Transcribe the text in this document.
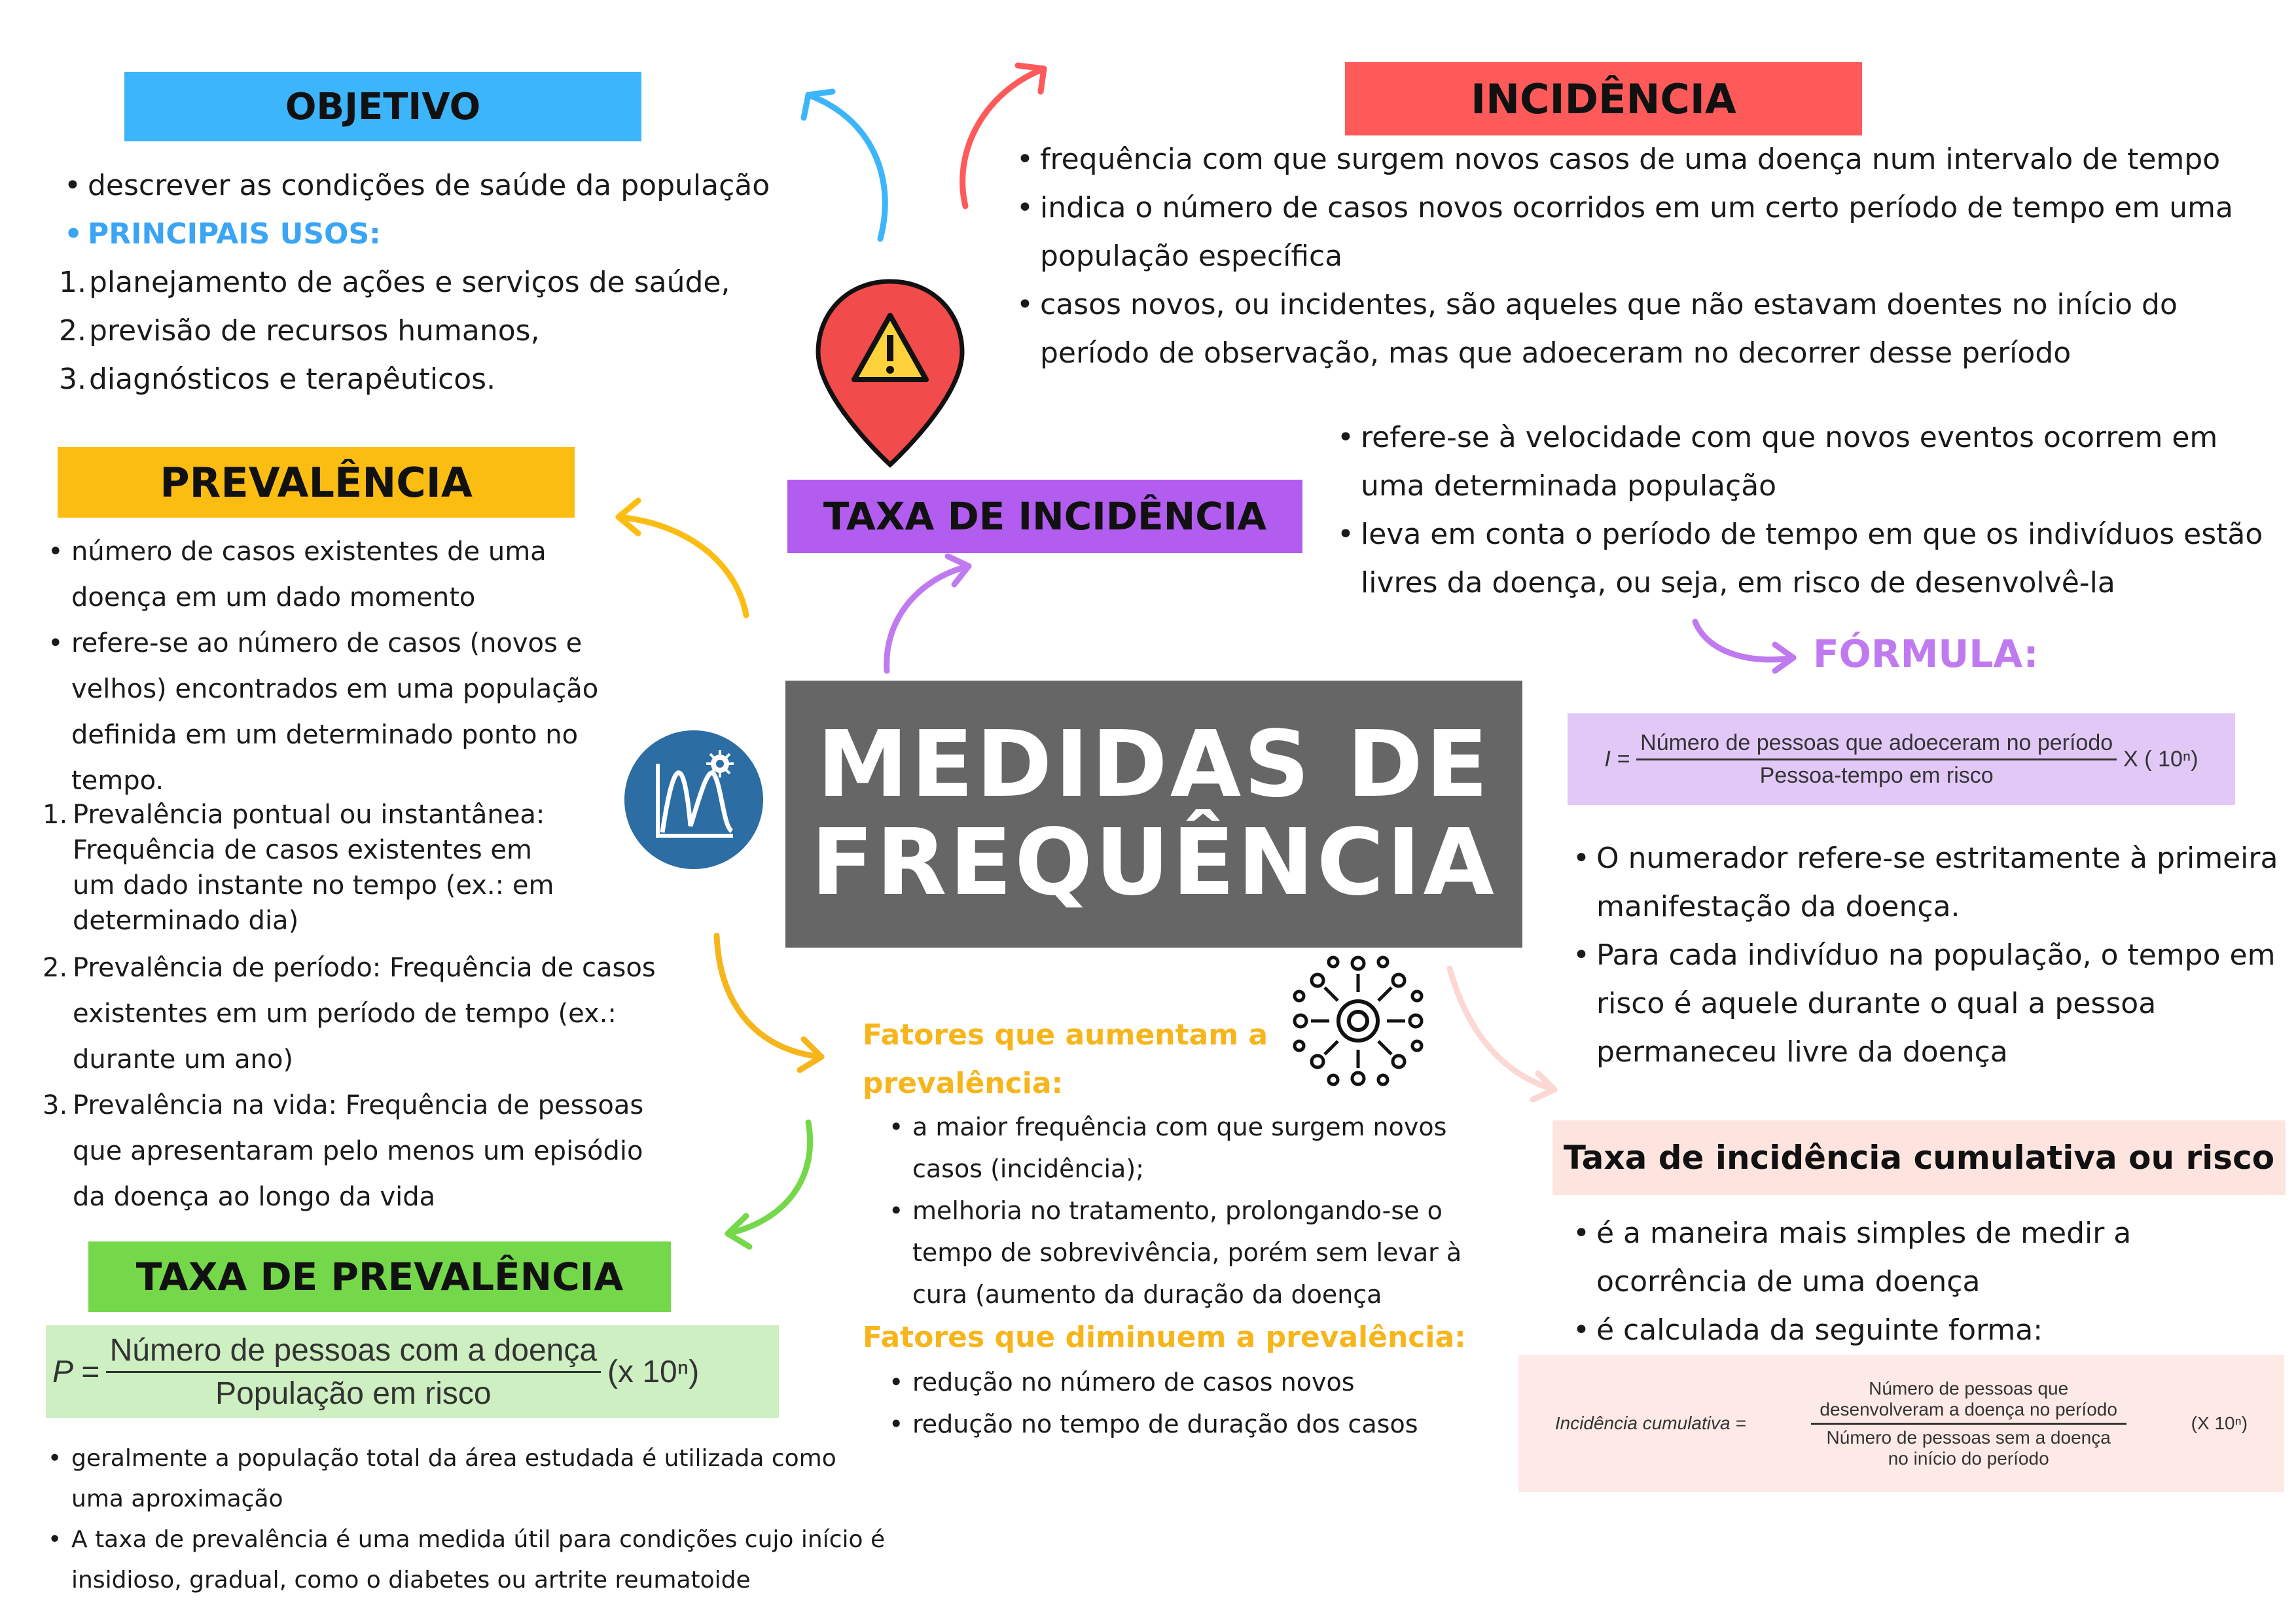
MEDIDAS DE
FREQUÊNCIA
OBJETIVO
• descrever as condições de saúde da população
• PRINCIPAIS USOS:
1. planejamento de ações e serviços de saúde,
2. previsão de recursos humanos,
3. diagnósticos e terapêuticos.
INCIDÊNCIA
• frequência com que surgem novos casos de uma doença num intervalo de tempo
• indica o número de casos novos ocorridos em um certo período de tempo em uma população específica
• casos novos, ou incidentes, são aqueles que não estavam doentes no início do período de observação, mas que adoeceram no decorrer desse período
TAXA DE INCIDÊNCIA
• refere-se à velocidade com que novos eventos ocorrem em uma determinada população
• leva em conta o período de tempo em que os indivíduos estão livres da doença, ou seja, em risco de desenvolvê-la
FÓRMULA:
$I = \frac{\text{Número de pessoas que adoeceram no período}}{\text{Pessoa-tempo em risco}}$ X ( 10ⁿ)
• O numerador refere-se estritamente à primeira manifestação da doença.
• Para cada indivíduo na população, o tempo em risco é aquele durante o qual a pessoa permaneceu livre da doença
Taxa de incidência cumulativa ou risco
• é a maneira mais simples de medir a ocorrência de uma doença
• é calculada da seguinte forma:
Incidência cumulativa = $\frac{\text{Número de pessoas que desenvolveram a doença no período}}{\text{Número de pessoas sem a doença no início do período}} (X$ 10ⁿ)
PREVALÊNCIA
• número de casos existentes de uma doença em um dado momento
• refere-se ao número de casos (novos e velhos) encontrados em uma população definida em um determinado ponto no tempo.
1. Prevalência pontual ou instantânea: Frequência de casos existentes em um dado instante no tempo (ex.: em determinado dia)
2. Prevalência de período: Frequência de casos existentes em um período de tempo (ex.: durante um ano)
3. Prevalência na vida: Frequência de pessoas que apresentaram pelo menos um episódio da doença ao longo da vida
TAXA DE PREVALÊNCIA
$P = \frac{\text{Número de pessoas com a doença}}{\text{População em risco}} (x$ 10ⁿ)
• geralmente a população total da área estudada é utilizada como uma aproximação
• A taxa de prevalência é uma medida útil para condições cujo início é insidioso, gradual, como o diabetes ou artrite reumatoide
Fatores que aumentam a prevalência:
• a maior frequência com que surgem novos casos (incidência);
• melhoria no tratamento, prolongando-se o tempo de sobrevivência, porém sem levar à cura (aumento da duração da doença
Fatores que diminuem a prevalência:
• redução no número de casos novos
• redução no tempo de duração dos casos
